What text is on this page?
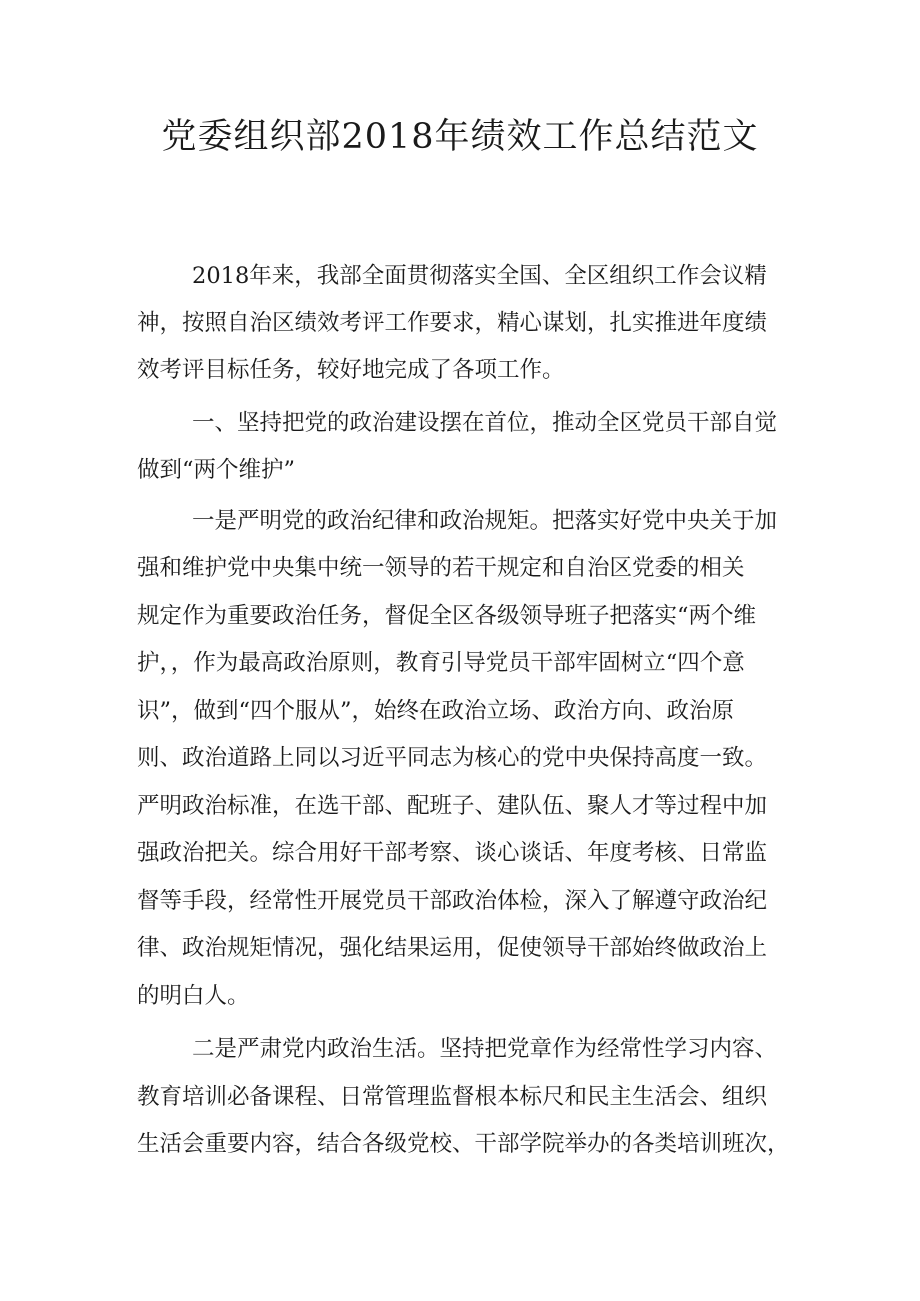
党委组织部2018年绩效工作总结范文
2018年来，我部全面贯彻落实全国、全区组织工作会议精
神，按照自治区绩效考评工作要求，精心谋划，扎实推进年度绩
效考评目标任务，较好地完成了各项工作。
一、坚持把党的政治建设摆在首位，推动全区党员干部自觉
做到“两个维护”
一是严明党的政治纪律和政治规矩。把落实好党中央关于加
强和维护党中央集中统一领导的若干规定和自治区党委的相关
规定作为重要政治任务，督促全区各级领导班子把落实“两个维
护，，作为最高政治原则，教育引导党员干部牢固树立“四个意
识”，做到“四个服从”，始终在政治立场、政治方向、政治原
则、政治道路上同以习近平同志为核心的党中央保持高度一致。
严明政治标准，在选干部、配班子、建队伍、聚人才等过程中加
强政治把关。综合用好干部考察、谈心谈话、年度考核、日常监
督等手段，经常性开展党员干部政治体检，深入了解遵守政治纪
律、政治规矩情况，强化结果运用，促使领导干部始终做政治上
的明白人。
二是严肃党内政治生活。坚持把党章作为经常性学习内容、
教育培训必备课程、日常管理监督根本标尺和民主生活会、组织
生活会重要内容，结合各级党校、干部学院举办的各类培训班次，
